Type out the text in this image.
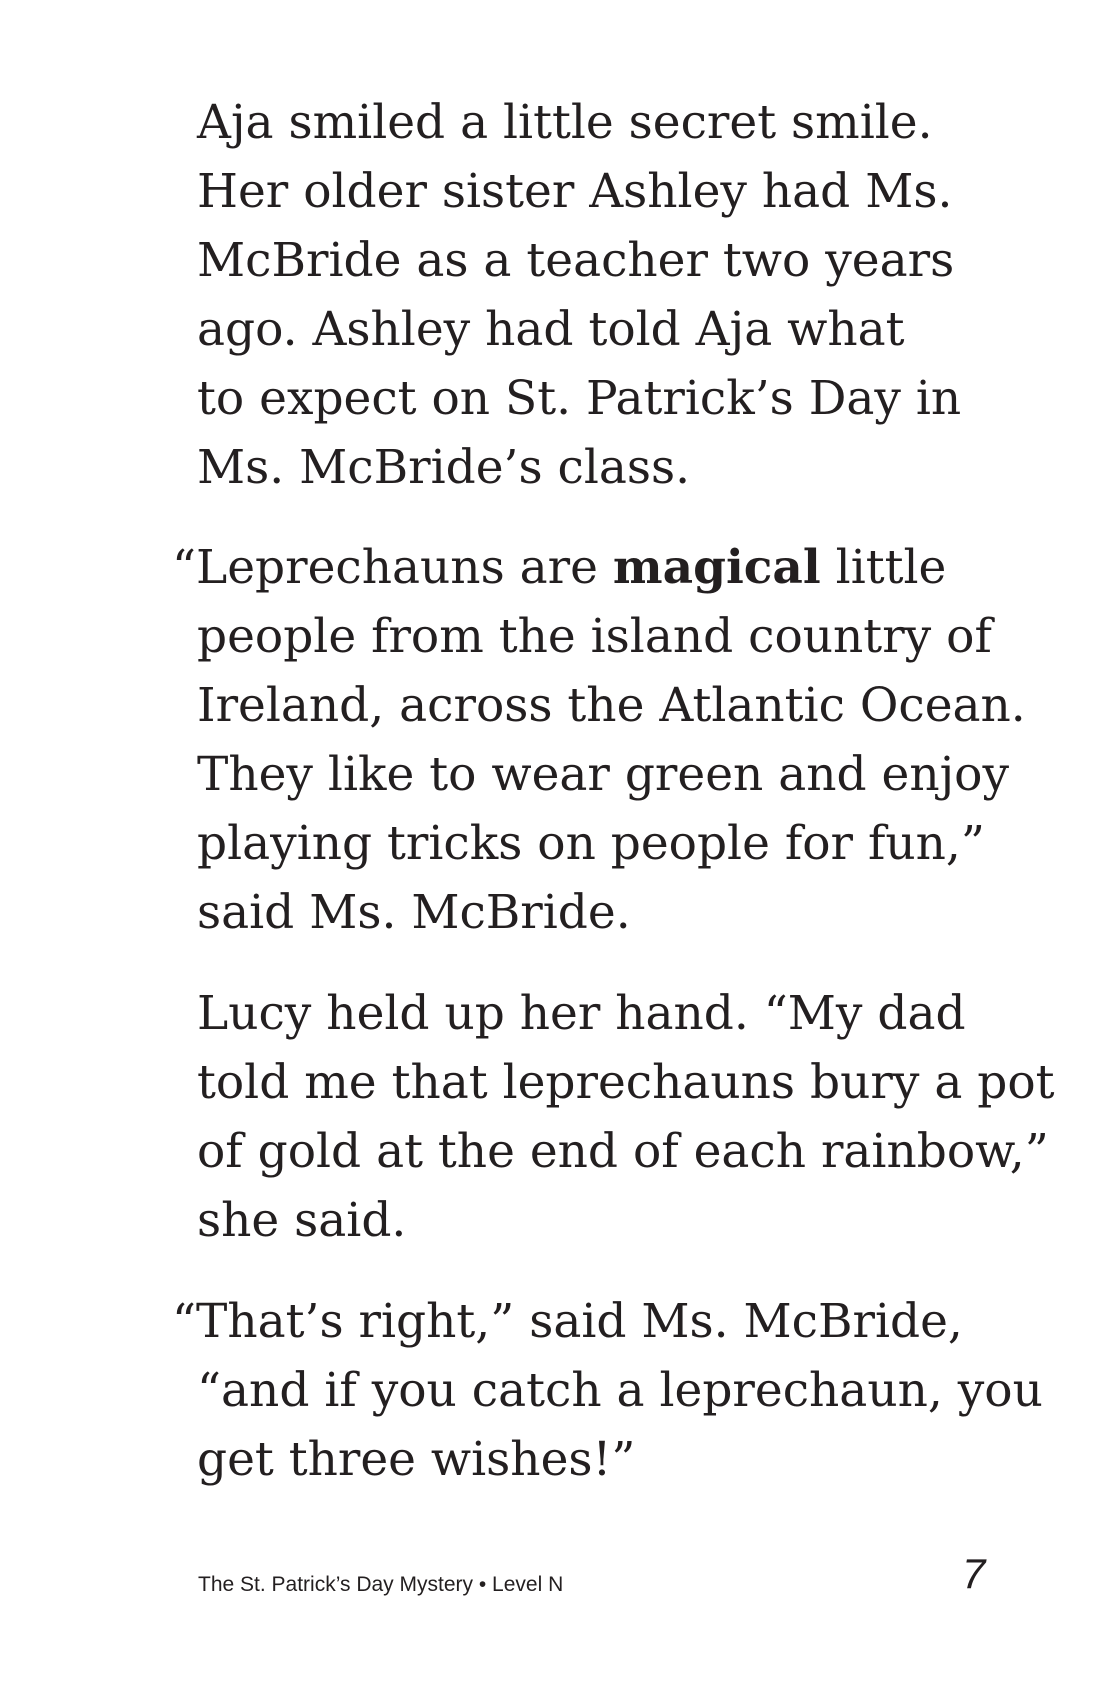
Aja smiled a little secret smile.
Her older sister Ashley had Ms.
McBride as a teacher two years
ago. Ashley had told Aja what
to expect on St. Patrick’s Day in
Ms. McBride’s class.

“Leprechauns are magical little
people from the island country of
Ireland, across the Atlantic Ocean.
They like to wear green and enjoy
playing tricks on people for fun,”
said Ms. McBride.

Lucy held up her hand. “My dad
told me that leprechauns bury a pot
of gold at the end of each rainbow,”
she said.

“That’s right,” said Ms. McBride,
“and if you catch a leprechaun, you
get three wishes!”

The St. Patrick’s Day Mystery • Level N	7
